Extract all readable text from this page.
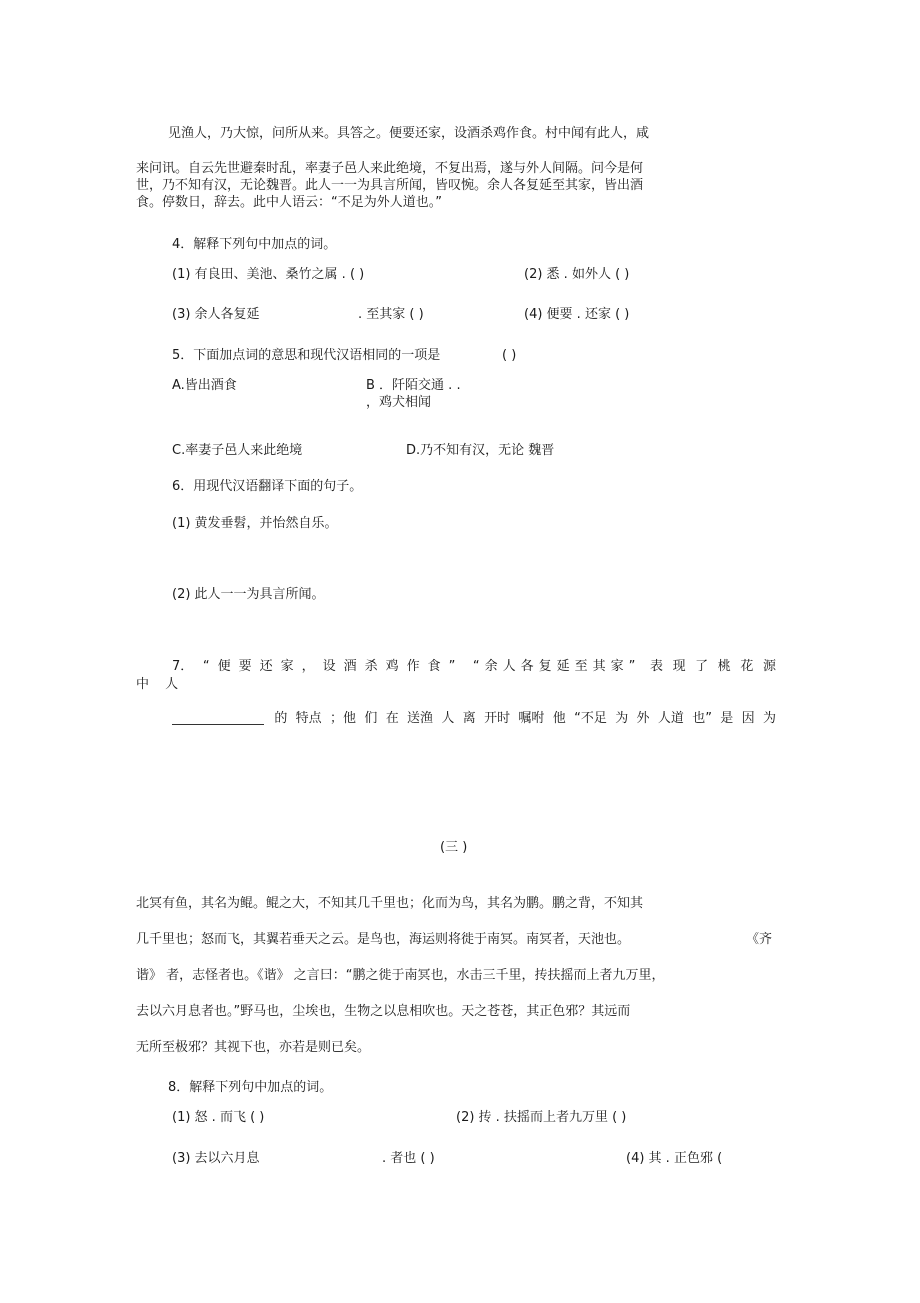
见渔人，乃大惊，问所从来。具答之。便要还家，设酒杀鸡作食。村中闻有此人，咸
来问讯。自云先世避秦时乱，率妻子邑人来此绝境，不复出焉，遂与外人间隔。问今是何
世，乃不知有汉，无论魏晋。此人一一为具言所闻，皆叹惋。余人各复延至其家，皆出酒
食。停数日，辞去。此中人语云：“不足为外人道也。”
4．解释下列句中加点的词。
(1) 有良田、美池、桑竹之属 . ( )	(2) 悉 . 如外人 ( )
(3) 余人各复延	. 至其家 ( )	(4) 便要 . 还家 ( )
5．下面加点词的意思和现代汉语相同的一项是	( )
A.皆出酒食	B ．阡陌交通 . .
，鸡犬相闻
C.率妻子邑人来此绝境	D.乃不知有汉，无论 魏晋
6．用现代汉语翻译下面的句子。
(1) 黄发垂髫，并怡然自乐。
(2) 此人一一为具言所闻。
7． “便要还家，设酒杀鸡作食” “余人各复延至其家” 表 现 了 桃 花 源
中 人
的 特点 ；他 们 在 送渔 人 离 开时 嘱咐 他 “不足 为 外 人道 也” 是 因 为
(三 )
北冥有鱼，其名为鲲。鲲之大，不知其几千里也；化而为鸟，其名为鹏。鹏之背，不知其
几千里也；怒而飞，其翼若垂天之云。是鸟也，海运则将徙于南冥。南冥者，天池也。	《齐
谐》 者，志怪者也。《谐》 之言曰：“鹏之徙于南冥也，水击三千里，抟扶摇而上者九万里，
去以六月息者也。”野马也，尘埃也，生物之以息相吹也。天之苍苍，其正色邪？其远而
无所至极邪？其视下也，亦若是则已矣。
8．解释下列句中加点的词。
(1) 怒 . 而飞 ( )	(2) 抟 . 扶摇而上者九万里 ( )
(3) 去以六月息	. 者也 ( )	(4) 其 . 正色邪 (
